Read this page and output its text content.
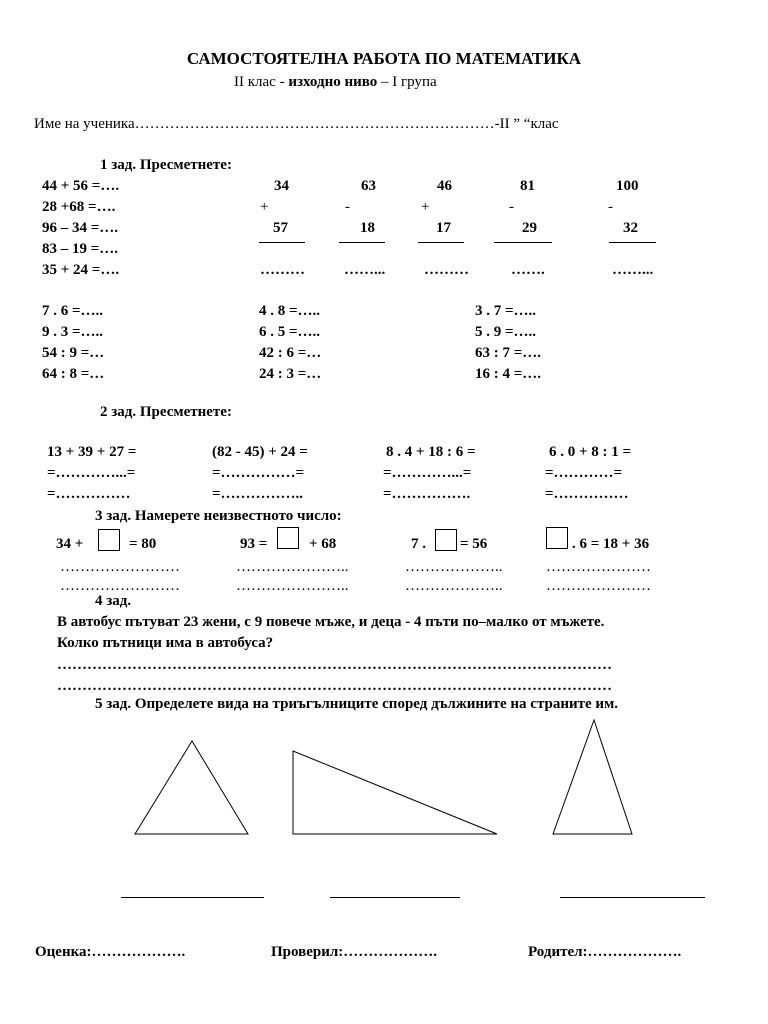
САМОСТОЯТЕЛНА РАБОТА ПО МАТЕМАТИКА
II клас - изходно ниво – I група
Име на ученика………………………………………………………………-II ” “клас
1 зад. Пресметнете:
44 + 56 =….
28 +68 =….
96 – 34 =….
83 – 19 =….
35 + 24 =….
34
+
57
………
63
-
18
……...
46
+
17
………
81
-
29
…….
100
-
32
……...
7 . 6 =…..	4 . 8 =…..	3 . 7 =…..
9 . 3 =…..	6 . 5 =…..	5 . 9 =…..
54 : 9 =…	42 : 6 =…	63 : 7 =….
64 : 8 =…	24 : 3 =…	16 : 4 =….
2 зад. Пресметнете:
13 + 39 + 27 =
=…………...=
=……………
(82 - 45) + 24 =
=……………=
=……………..
8 . 4 + 18 : 6 =
=…………...=
=…………….
6 . 0 + 8 : 1 =
=…………=
=……………
3 зад. Намерете неизвестното число:
34 +	= 80	93 =	+ 68	7 . = 56	. 6 = 18 + 36
……………………
……………………
…………………..
…………………..
………………..
………………..
…………………
…………………
4 зад.
В автобус пътуват 23 жени, с 9 повече мъже, и деца - 4 пъти по–малко от мъжете.
Колко пътници има в автобуса?
…………………………………………………………………………………………………
…………………………………………………………………………………………………
5 зад. Определете вида на триъгълниците според дължините на страните им.
Оценка:……………….	Проверил:……………….	Родител:……………….
